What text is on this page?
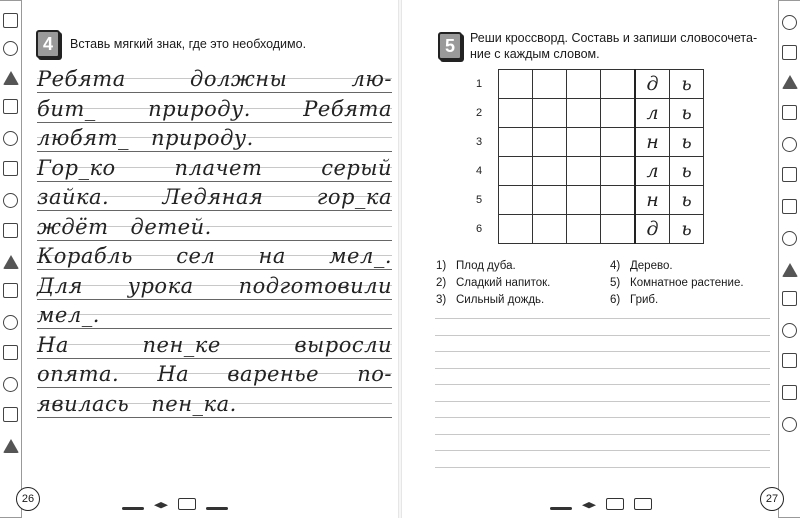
4	Вставь мягкий знак, где это необходимо.
Ребята	должны	лю-
бит_ природу. Ребята
любят_ природу.
Гор_ко	плачет	серый
зайка.	Ледяная	гор_ка
ждёт детей.
Корабль сел на мел_.
Для урока подготовили
мел_.
На	пен_ке	выросли
опята. На варенье по-
явилась пен_ка.
26
5	Реши кроссворд. Составь и запиши словосочета-
ние с каждым словом.
1					д	ь
2					л	ь
3					н	ь
4					л	ь
5					н	ь
6					д	ь
1) Плод дуба.
2) Сладкий напиток.
3) Сильный дождь.
4) Дерево.
5) Комнатное растение.
6) Гриб.
27
